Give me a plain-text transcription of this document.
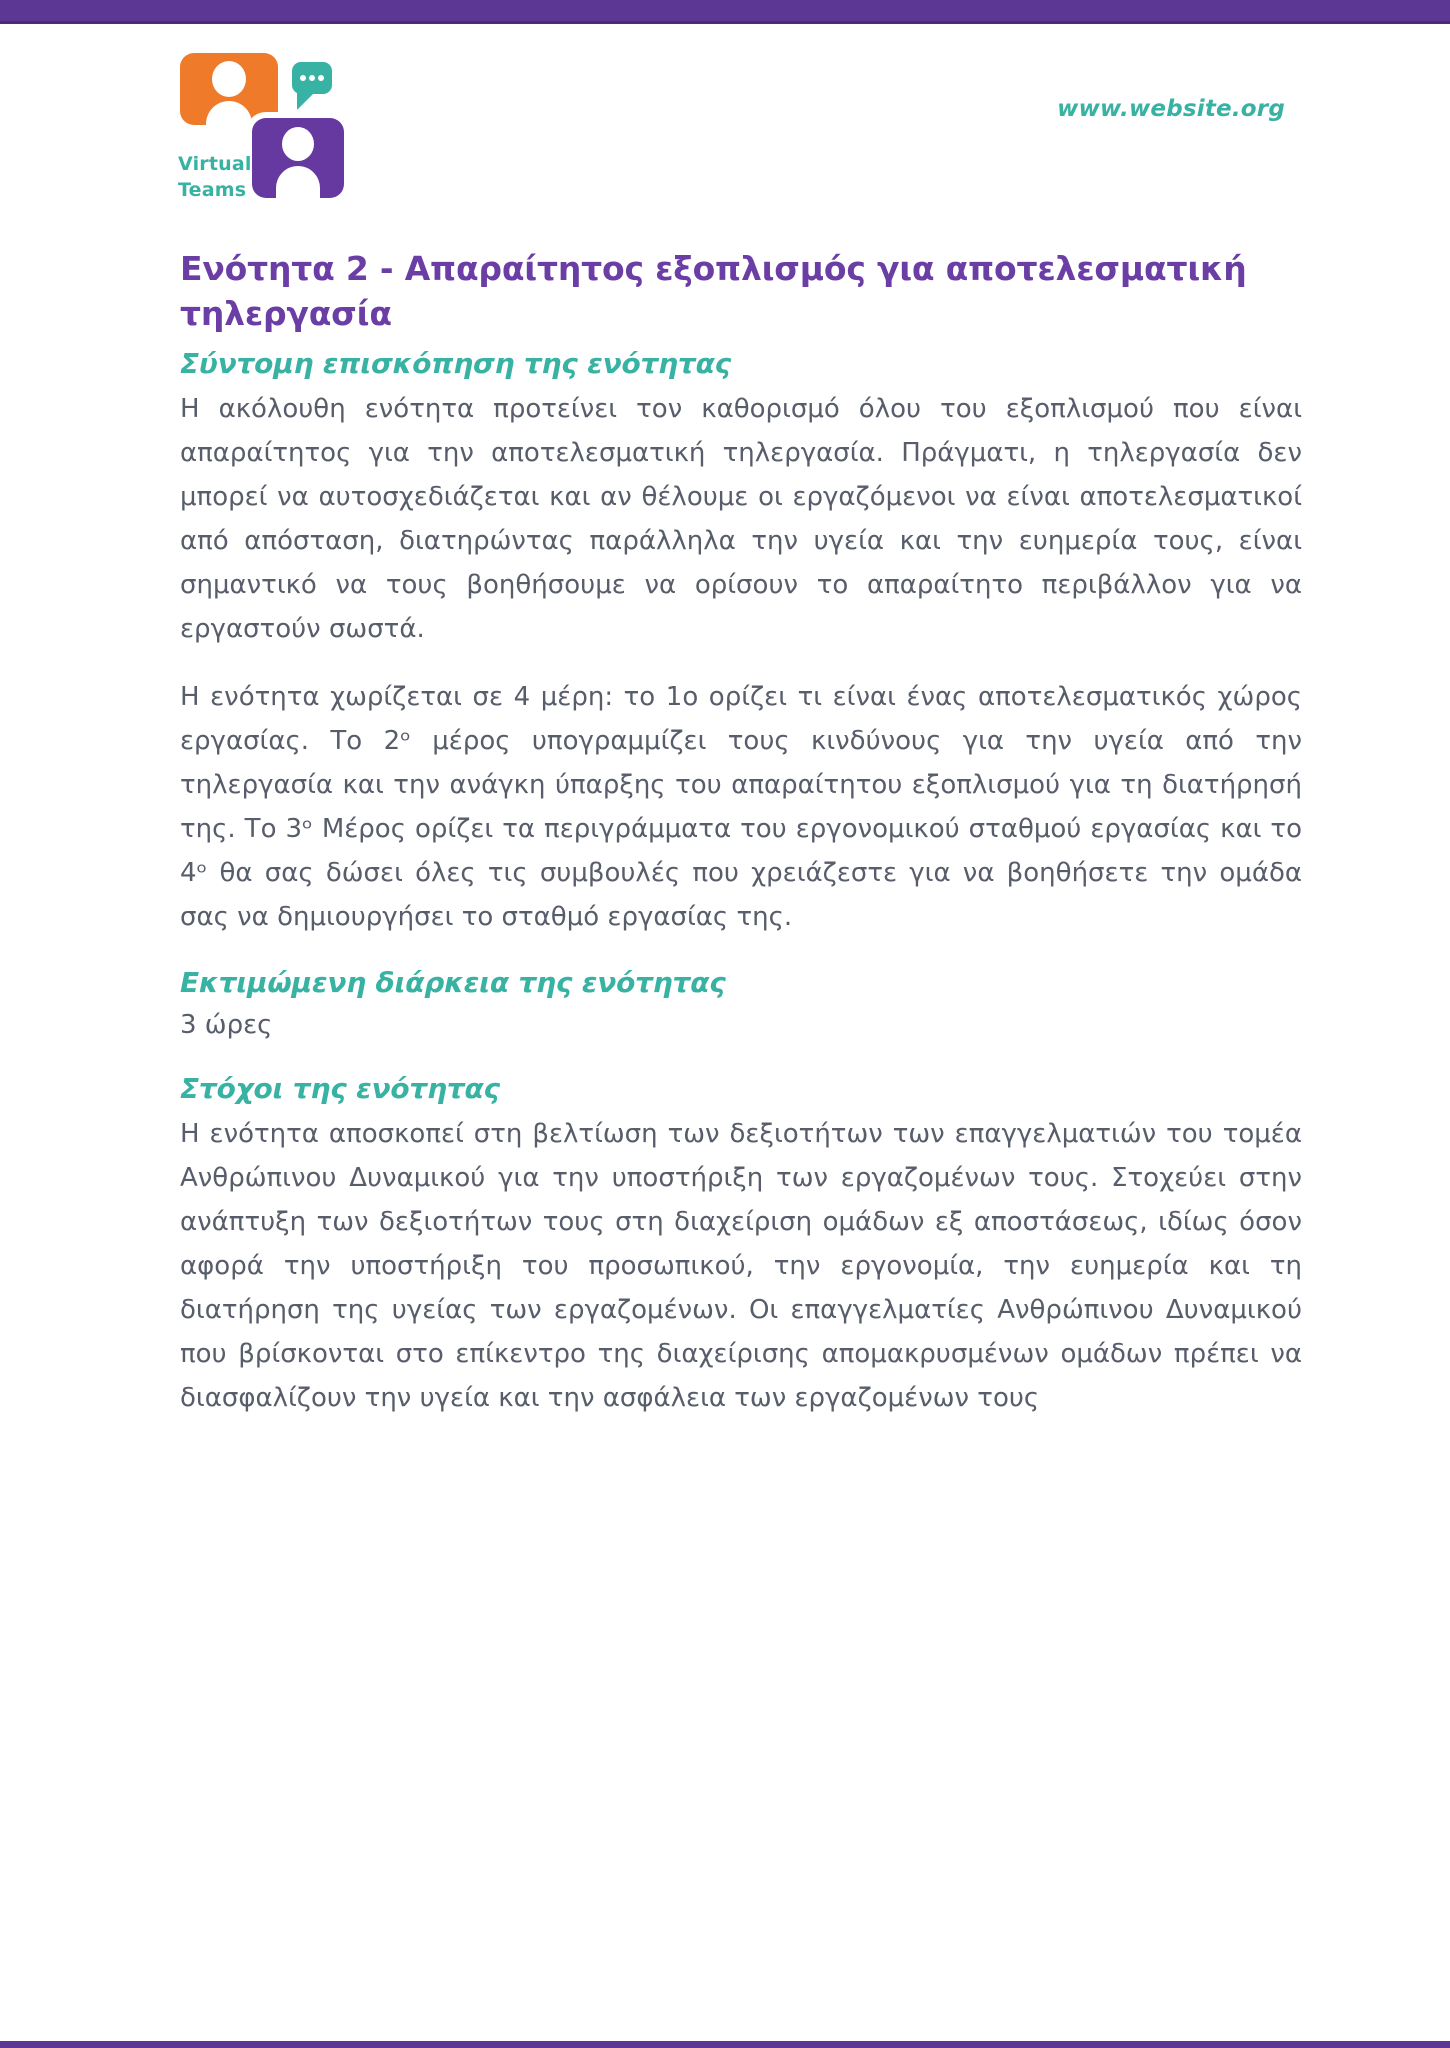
Virtual
Teams
www.website.org
Ενότητα 2 - Απαραίτητος εξοπλισμός για αποτελεσματική τηλεργασία
Σύντομη επισκόπηση της ενότητας

Η ακόλουθη ενότητα προτείνει τον καθορισμό όλου του εξοπλισμού που είναι απαραίτητος για την αποτελεσματική τηλεργασία. Πράγματι, η τηλεργασία δεν μπορεί να αυτοσχεδιάζεται και αν θέλουμε οι εργαζόμενοι να είναι αποτελεσματικοί από απόσταση, διατηρώντας παράλληλα την υγεία και την ευημερία τους, είναι σημαντικό να τους βοηθήσουμε να ορίσουν το απαραίτητο περιβάλλον για να εργαστούν σωστά.

Η ενότητα χωρίζεται σε 4 μέρη: το 1ο ορίζει τι είναι ένας αποτελεσματικός χώρος εργασίας. Το 2ᵒ μέρος υπογραμμίζει τους κινδύνους για την υγεία από την τηλεργασία και την ανάγκη ύπαρξης του απαραίτητου εξοπλισμού για τη διατήρησή της. Το 3ᵒ Μέρος ορίζει τα περιγράμματα του εργονομικού σταθμού εργασίας και το 4ᵒ θα σας δώσει όλες τις συμβουλές που χρειάζεστε για να βοηθήσετε την ομάδα σας να δημιουργήσει το σταθμό εργασίας της.

Εκτιμώμενη διάρκεια της ενότητας

3 ώρες

Στόχοι της ενότητας

Η ενότητα αποσκοπεί στη βελτίωση των δεξιοτήτων των επαγγελματιών του τομέα Ανθρώπινου Δυναμικού για την υποστήριξη των εργαζομένων τους. Στοχεύει στην ανάπτυξη των δεξιοτήτων τους στη διαχείριση ομάδων εξ αποστάσεως, ιδίως όσον αφορά την υποστήριξη του προσωπικού, την εργονομία, την ευημερία και τη διατήρηση της υγείας των εργαζομένων. Οι επαγγελματίες Ανθρώπινου Δυναμικού που βρίσκονται στο επίκεντρο της διαχείρισης απομακρυσμένων ομάδων πρέπει να διασφαλίζουν την υγεία και την ασφάλεια των εργαζομένων τους
